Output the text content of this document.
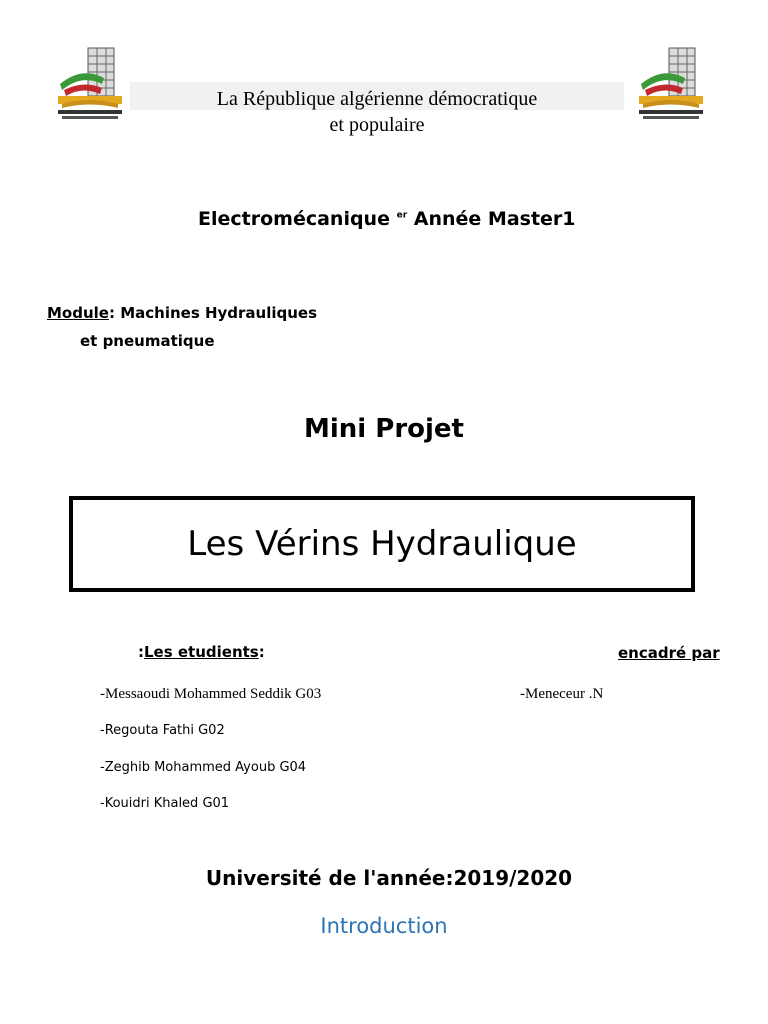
La République algérienne démocratique
et populaire
Electromécanique $^{er}$ Année Master1
Module: Machines Hydrauliques
et pneumatique
Mini Projet
Les Vérins Hydraulique
:Les etudients:	encadré par
-Messaoudi Mohammed Seddik G03
-Regouta Fathi G02
-Zeghib Mohammed Ayoub G04
-Kouidri Khaled G01
-Meneceur .N
Université de l'année:2019/2020
Introduction
